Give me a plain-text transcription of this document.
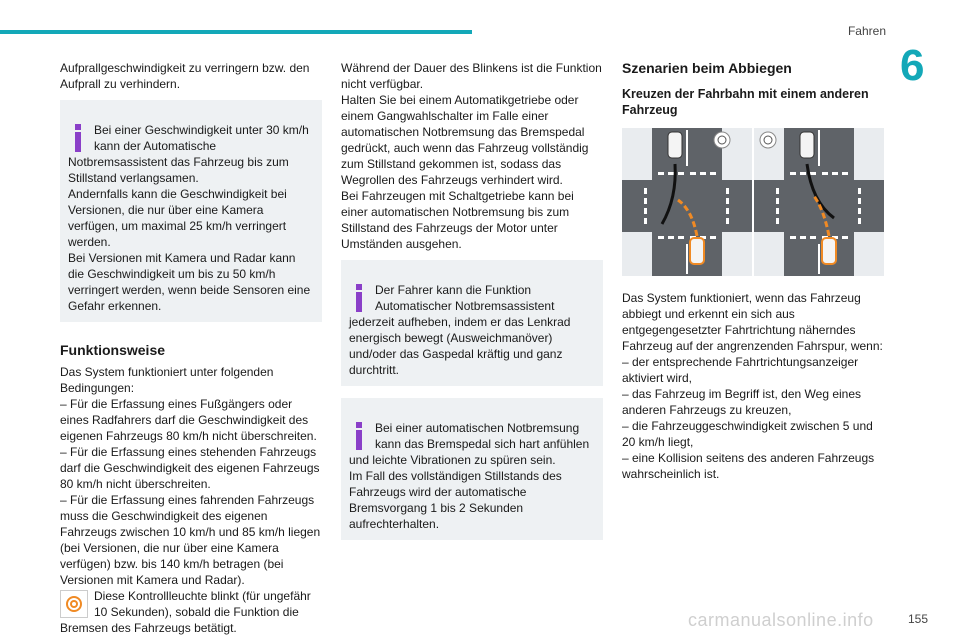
Fahren
6
Aufprallgeschwindigkeit zu verringern bzw. den Aufprall zu verhindern.

Bei einer Geschwindigkeit unter 30 km/h kann der Automatische Notbremsassistent das Fahrzeug bis zum Stillstand verlangsamen.
Andernfalls kann die Geschwindigkeit bei Versionen, die nur über eine Kamera verfügen, um maximal 25 km/h verringert werden.
Bei Versionen mit Kamera und Radar kann die Geschwindigkeit um bis zu 50 km/h verringert werden, wenn beide Sensoren eine Gefahr erkennen.

Funktionsweise
Das System funktioniert unter folgenden Bedingungen:
– Für die Erfassung eines Fußgängers oder eines Radfahrers darf die Geschwindigkeit des eigenen Fahrzeugs 80 km/h nicht überschreiten.
– Für die Erfassung eines stehenden Fahrzeugs darf die Geschwindigkeit des eigenen Fahrzeugs 80 km/h nicht überschreiten.
– Für die Erfassung eines fahrenden Fahrzeugs muss die Geschwindigkeit des eigenen Fahrzeugs zwischen 10 km/h und 85 km/h liegen (bei Versionen, die nur über eine Kamera verfügen) bzw. bis 140 km/h betragen (bei Versionen mit Kamera und Radar).
Diese Kontrollleuchte blinkt (für ungefähr 10 Sekunden), sobald die Funktion die Bremsen des Fahrzeugs betätigt.
Während der Dauer des Blinkens ist die Funktion nicht verfügbar.
Halten Sie bei einem Automatikgetriebe oder einem Gangwahlschalter im Falle einer automatischen Notbremsung das Bremspedal gedrückt, auch wenn das Fahrzeug vollständig zum Stillstand gekommen ist, sodass das Wegrollen des Fahrzeugs verhindert wird.
Bei Fahrzeugen mit Schaltgetriebe kann bei einer automatischen Notbremsung bis zum Stillstand des Fahrzeugs der Motor unter Umständen ausgehen.

Der Fahrer kann die Funktion Automatischer Notbremsassistent jederzeit aufheben, indem er das Lenkrad energisch bewegt (Ausweichmanöver) und/oder das Gaspedal kräftig und ganz durchtritt.

Bei einer automatischen Notbremsung kann das Bremspedal sich hart anfühlen und leichte Vibrationen zu spüren sein.
Im Fall des vollständigen Stillstands des Fahrzeugs wird der automatische Bremsvorgang 1 bis 2 Sekunden aufrechterhalten.

Szenarien beim Abbiegen
Kreuzen der Fahrbahn mit einem anderen Fahrzeug
Das System funktioniert, wenn das Fahrzeug abbiegt und erkennt ein sich aus entgegengesetzter Fahrtrichtung näherndes Fahrzeug auf der angrenzenden Fahrspur, wenn:
– der entsprechende Fahrtrichtungsanzeiger aktiviert wird,
– das Fahrzeug im Begriff ist, den Weg eines anderen Fahrzeugs zu kreuzen,
– die Fahrzeuggeschwindigkeit zwischen 5 und 20 km/h liegt,
– eine Kollision seitens des anderen Fahrzeugs wahrscheinlich ist.
carmanualsonline.info	155
